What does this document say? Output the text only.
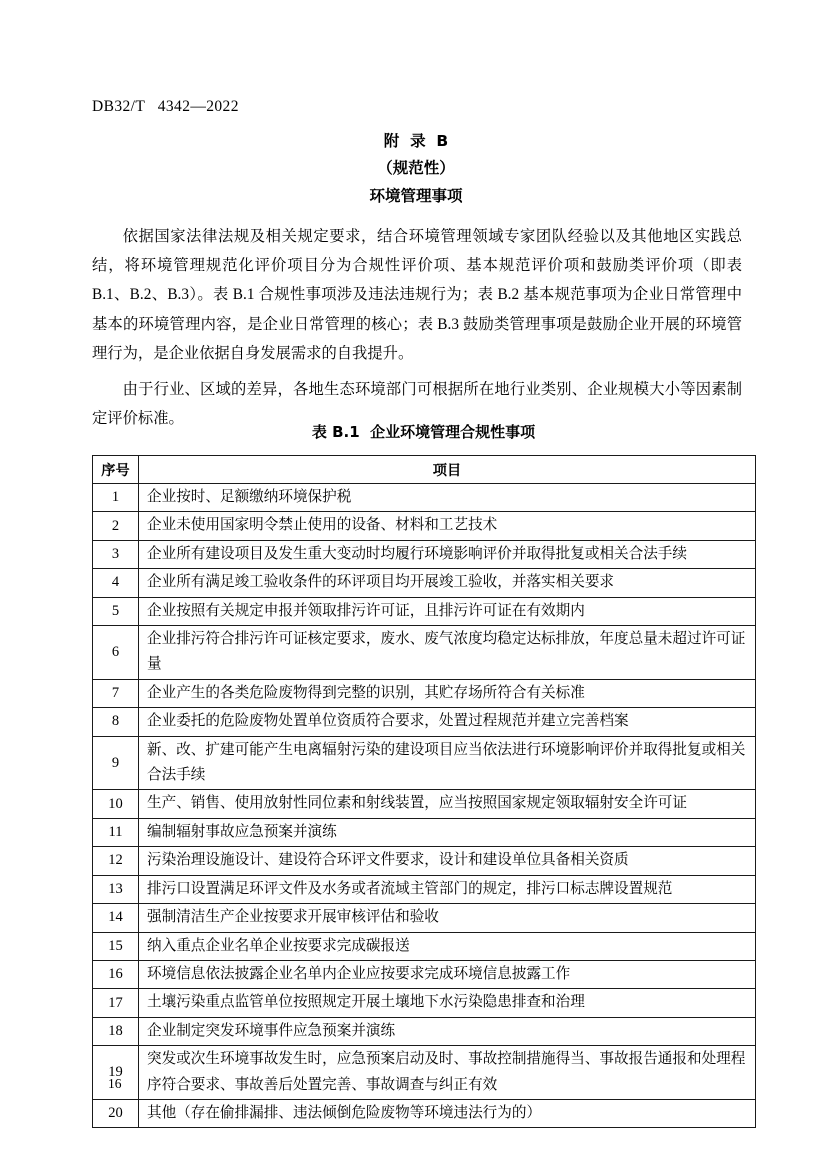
DB32/T   4342—2022
附  录  B
（规范性）
环境管理事项

依据国家法律法规及相关规定要求，结合环境管理领域专家团队经验以及其他地区实践总结，将环境管理规范化评价项目分为合规性评价项、基本规范评价项和鼓励类评价项（即表 B.1、B.2、B.3）。表 B.1 合规性事项涉及违法违规行为；表 B.2 基本规范事项为企业日常管理中基本的环境管理内容，是企业日常管理的核心；表 B.3 鼓励类管理事项是鼓励企业开展的环境管理行为，是企业依据自身发展需求的自我提升。

由于行业、区域的差异，各地生态环境部门可根据所在地行业类别、企业规模大小等因素制定评价标准。

表 B.1  企业环境管理合规性事项
序号	项目
1	企业按时、足额缴纳环境保护税
2	企业未使用国家明令禁止使用的设备、材料和工艺技术
3	企业所有建设项目及发生重大变动时均履行环境影响评价并取得批复或相关合法手续
4	企业所有满足竣工验收条件的环评项目均开展竣工验收，并落实相关要求
5	企业按照有关规定申报并领取排污许可证，且排污许可证在有效期内
6	企业排污符合排污许可证核定要求，废水、废气浓度均稳定达标排放，年度总量未超过许可证量
7	企业产生的各类危险废物得到完整的识别，其贮存场所符合有关标准
8	企业委托的危险废物处置单位资质符合要求，处置过程规范并建立完善档案
9	新、改、扩建可能产生电离辐射污染的建设项目应当依法进行环境影响评价并取得批复或相关合法手续
10	生产、销售、使用放射性同位素和射线装置，应当按照国家规定领取辐射安全许可证
11	编制辐射事故应急预案并演练
12	污染治理设施设计、建设符合环评文件要求，设计和建设单位具备相关资质
13	排污口设置满足环评文件及水务或者流域主管部门的规定，排污口标志牌设置规范
14	强制清洁生产企业按要求开展审核评估和验收
15	纳入重点企业名单企业按要求完成碳报送
16	环境信息依法披露企业名单内企业应按要求完成环境信息披露工作
17	土壤污染重点监管单位按照规定开展土壤地下水污染隐患排查和治理
18	企业制定突发环境事件应急预案并演练
19	突发或次生环境事故发生时，应急预案启动及时、事故控制措施得当、事故报告通报和处理程序符合要求、事故善后处置完善、事故调查与纠正有效
20	其他（存在偷排漏排、违法倾倒危险废物等环境违法行为的）
16
